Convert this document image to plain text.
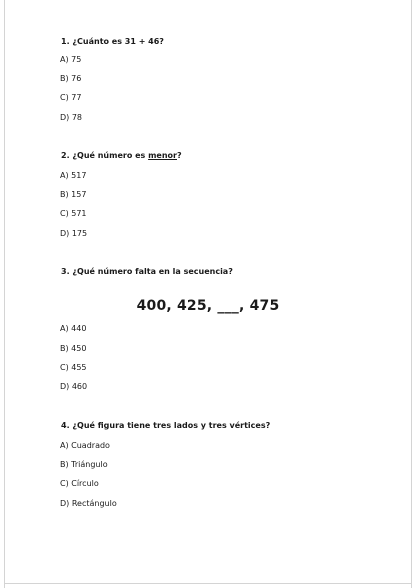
1. ¿Cuánto es 31 + 46?
A) 75
B) 76
C) 77
D) 78
2. ¿Qué número es menor?
A) 517
B) 157
C) 571
D) 175
3. ¿Qué número falta en la secuencia?
400, 425, ___, 475
A) 440
B) 450
C) 455
D) 460
4. ¿Qué figura tiene tres lados y tres vértices?
A) Cuadrado
B) Triángulo
C) Círculo
D) Rectángulo
